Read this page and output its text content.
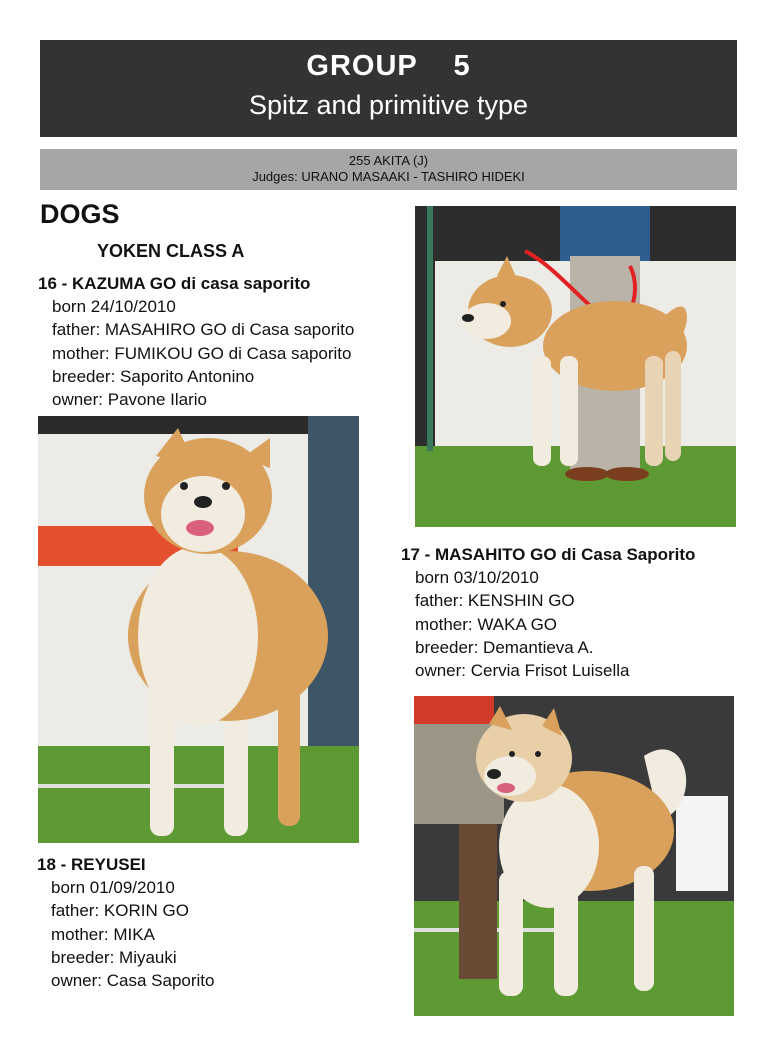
GROUP    5
Spitz and primitive type
255 AKITA (J)
Judges: URANO MASAAKI - TASHIRO HIDEKI
DOGS
YOKEN CLASS A
16 - KAZUMA GO di casa saporito
born 24/10/2010
father: MASAHIRO GO di Casa saporito
mother: FUMIKOU GO di Casa saporito
breeder: Saporito Antonino
owner: Pavone Ilario
17 - MASAHITO GO di Casa Saporito
born 03/10/2010
father: KENSHIN GO
mother: WAKA GO
breeder: Demantieva A.
owner: Cervia Frisot Luisella
18 - REYUSEI
born 01/09/2010
father: KORIN GO
mother: MIKA
breeder: Miyauki
owner: Casa Saporito
